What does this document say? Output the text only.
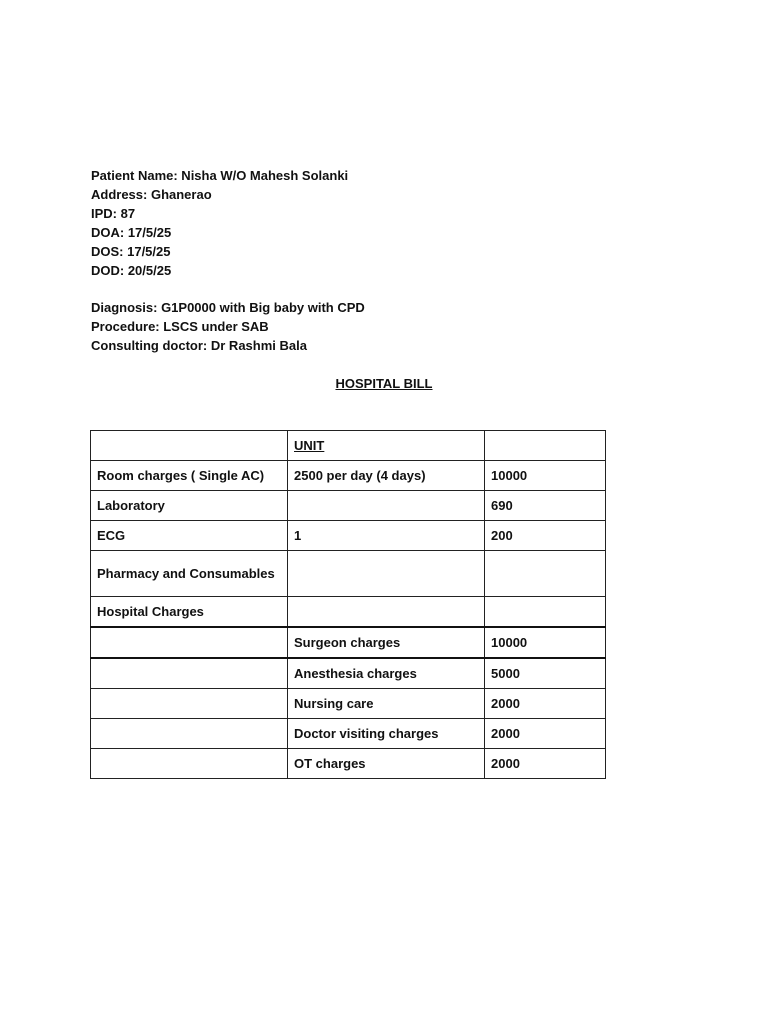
Patient Name: Nisha W/O Mahesh Solanki
Address: Ghanerao
IPD: 87
DOA: 17/5/25
DOS: 17/5/25
DOD: 20/5/25
Diagnosis: G1P0000 with Big baby with CPD
Procedure: LSCS under SAB
Consulting doctor: Dr Rashmi Bala
HOSPITAL BILL
	UNIT	
Room charges ( Single AC)	2500 per day (4 days)	10000
Laboratory		690
ECG	1	200
Pharmacy and Consumables		
Hospital Charges		
	Surgeon charges	10000
	Anesthesia charges	5000
	Nursing care	2000
	Doctor visiting charges	2000
	OT charges	2000
